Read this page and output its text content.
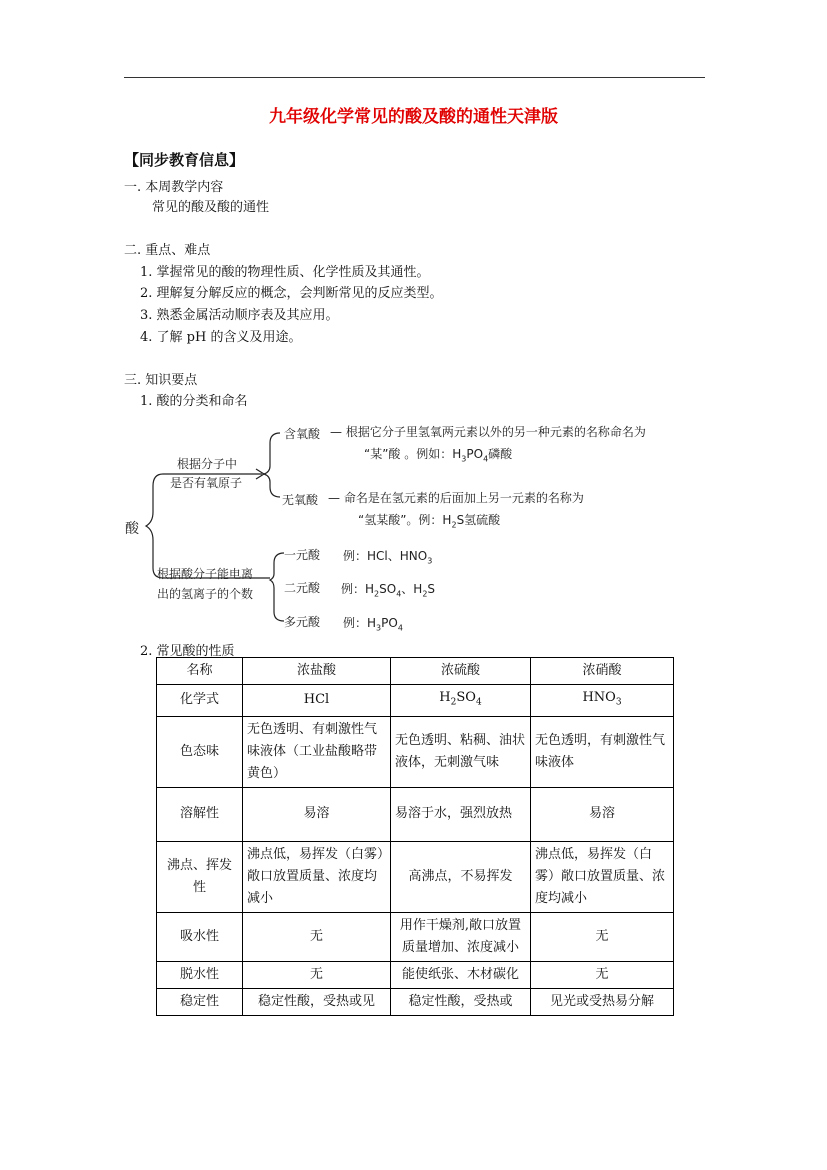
九年级化学常见的酸及酸的通性天津版
【同步教育信息】
一. 本周教学内容
常见的酸及酸的通性
二. 重点、难点
1. 掌握常见的酸的物理性质、化学性质及其通性。
2. 理解复分解反应的概念，会判断常见的反应类型。
3. 熟悉金属活动顺序表及其应用。
4. 了解 pH 的含义及用途。
三. 知识要点
1. 酸的分类和命名
酸
根据分子中
是否有氧原子
含氧酸 — 根据它分子里氢氧两元素以外的另一种元素的名称命名为
“某”酸 。例如：$H_3PO_4$磷酸
无氧酸 — 命名是在氢元素的后面加上另一元素的名称为
“氢某酸”。例：$H_2S$氢硫酸
根据酸分子能电离
出的氢离子的个数
一元酸 例：HCl、$HNO_3$
二元酸 例：$H_2SO_4$、$H_2S$
多元酸 例：$H_3PO_4$
2. 常见酸的性质
名称	浓盐酸	浓硫酸	浓硝酸
化学式	HCl	$H_2SO_4$	$HNO_3$
色态味	无色透明、有刺激性气味液体（工业盐酸略带黄色）	无色透明、粘稠、油状液体，无刺激气味	无色透明，有刺激性气味液体
溶解性	易溶	易溶于水，强烈放热	易溶
沸点、挥发性	沸点低，易挥发（白雾）敞口放置质量、浓度均减小	高沸点，不易挥发	沸点低，易挥发（白雾）敞口放置质量、浓度均减小
吸水性	无	用作干燥剂,敞口放置质量增加、浓度减小	无
脱水性	无	能使纸张、木材碳化	无
稳定性	稳定性酸，受热或见	稳定性酸，受热或	见光或受热易分解
